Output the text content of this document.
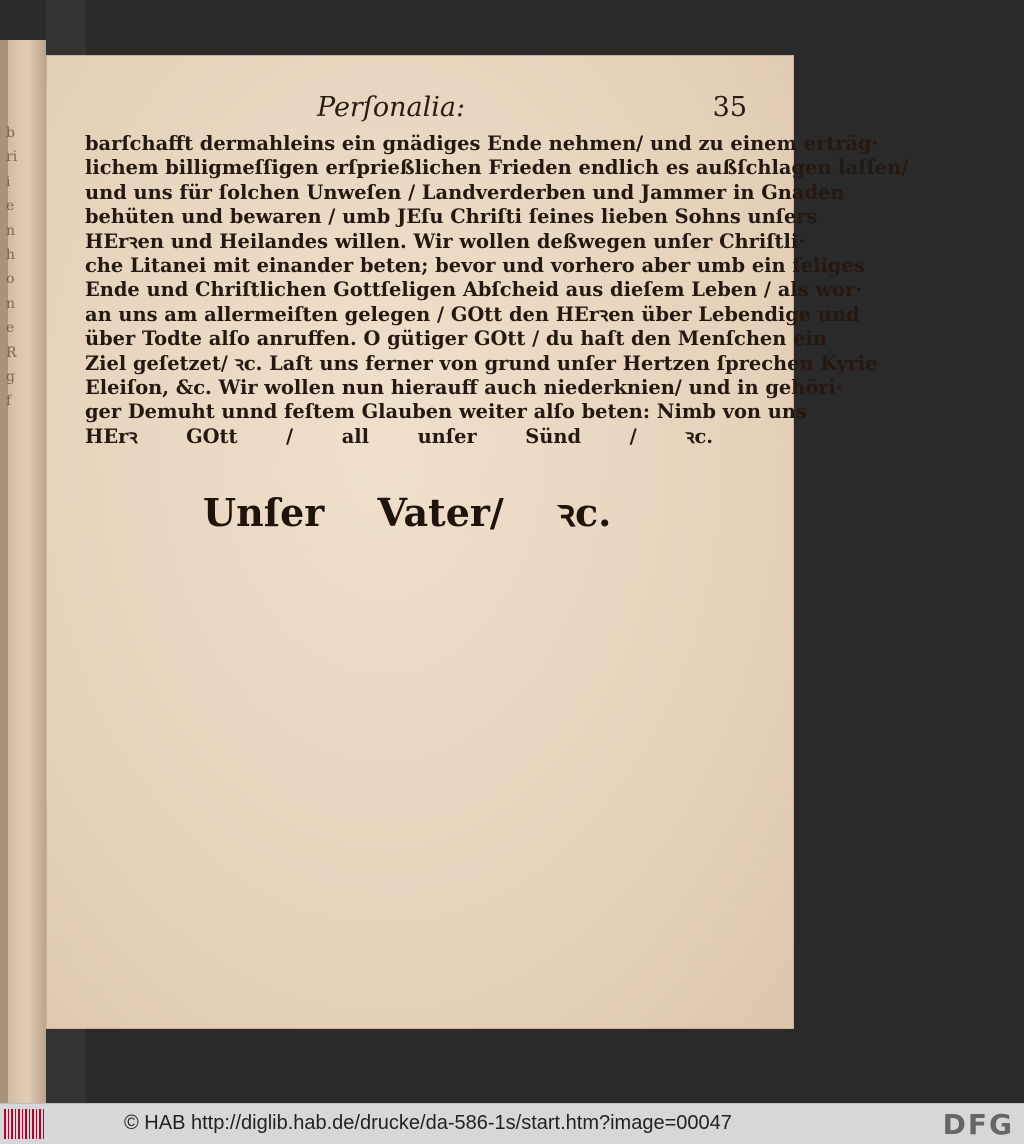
b
ri
i
e
n
h
o
n
e
R
g
f
Perſonalia:	35
barſchafft dermahleins ein gnädiges Ende nehmen/ und zu einem erträg·
lichem billigmeſſigen erſprießlichen Frieden endlich es außſchlagen laſſen/
und uns für ſolchen Unweſen / Landverderben und Jammer in Gnaden
behüten und bewaren / umb JEſu Chriſti ſeines lieben Sohns unſers
HErꝛen und Heilandes willen. Wir wollen deßwegen unſer Chriſtli·
che Litanei mit einander beten; bevor und vorhero aber umb ein ſeliges
Ende und Chriſtlichen Gottſeligen Abſcheid aus dieſem Leben / als wor·
an uns am allermeiſten gelegen / GOtt den HErꝛen über Lebendige und
über Todte alſo anruffen. O gütiger GOtt / du haſt den Menſchen ein
Ziel geſetzet/ ꝛc. Laſt uns ferner von grund unſer Hertzen ſprechen Kyrie
Eleiſon, &c. Wir wollen nun hierauff auch niederknien/ und in gehöri·
ger Demuht unnd feſtem Glauben weiter alſo beten: Nimb von uns
HErꝛ GOtt / all unſer Sünd / ꝛc.
Unſer Vater/ ꝛc.
© HAB http://diglib.hab.de/drucke/da-586-1s/start.htm?image=00047	DFG
